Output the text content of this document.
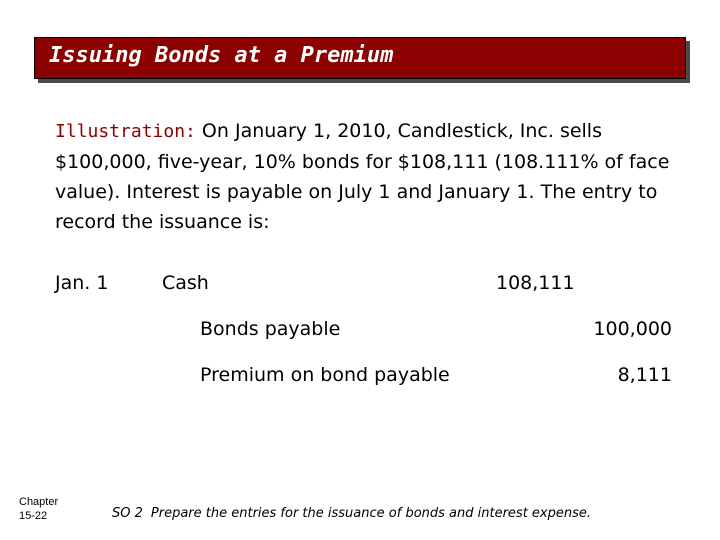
Issuing Bonds at a Premium
Illustration: On January 1, 2010, Candlestick, Inc. sells $100,000, five-year, 10% bonds for $108,111 (108.111% of face value). Interest is payable on July 1 and January 1. The entry to record the issuance is:
Jan. 1	Cash	108,111
Bonds payable	100,000
Premium on bond payable	8,111
Chapter
15-22	SO 2 Prepare the entries for the issuance of bonds and interest expense.
